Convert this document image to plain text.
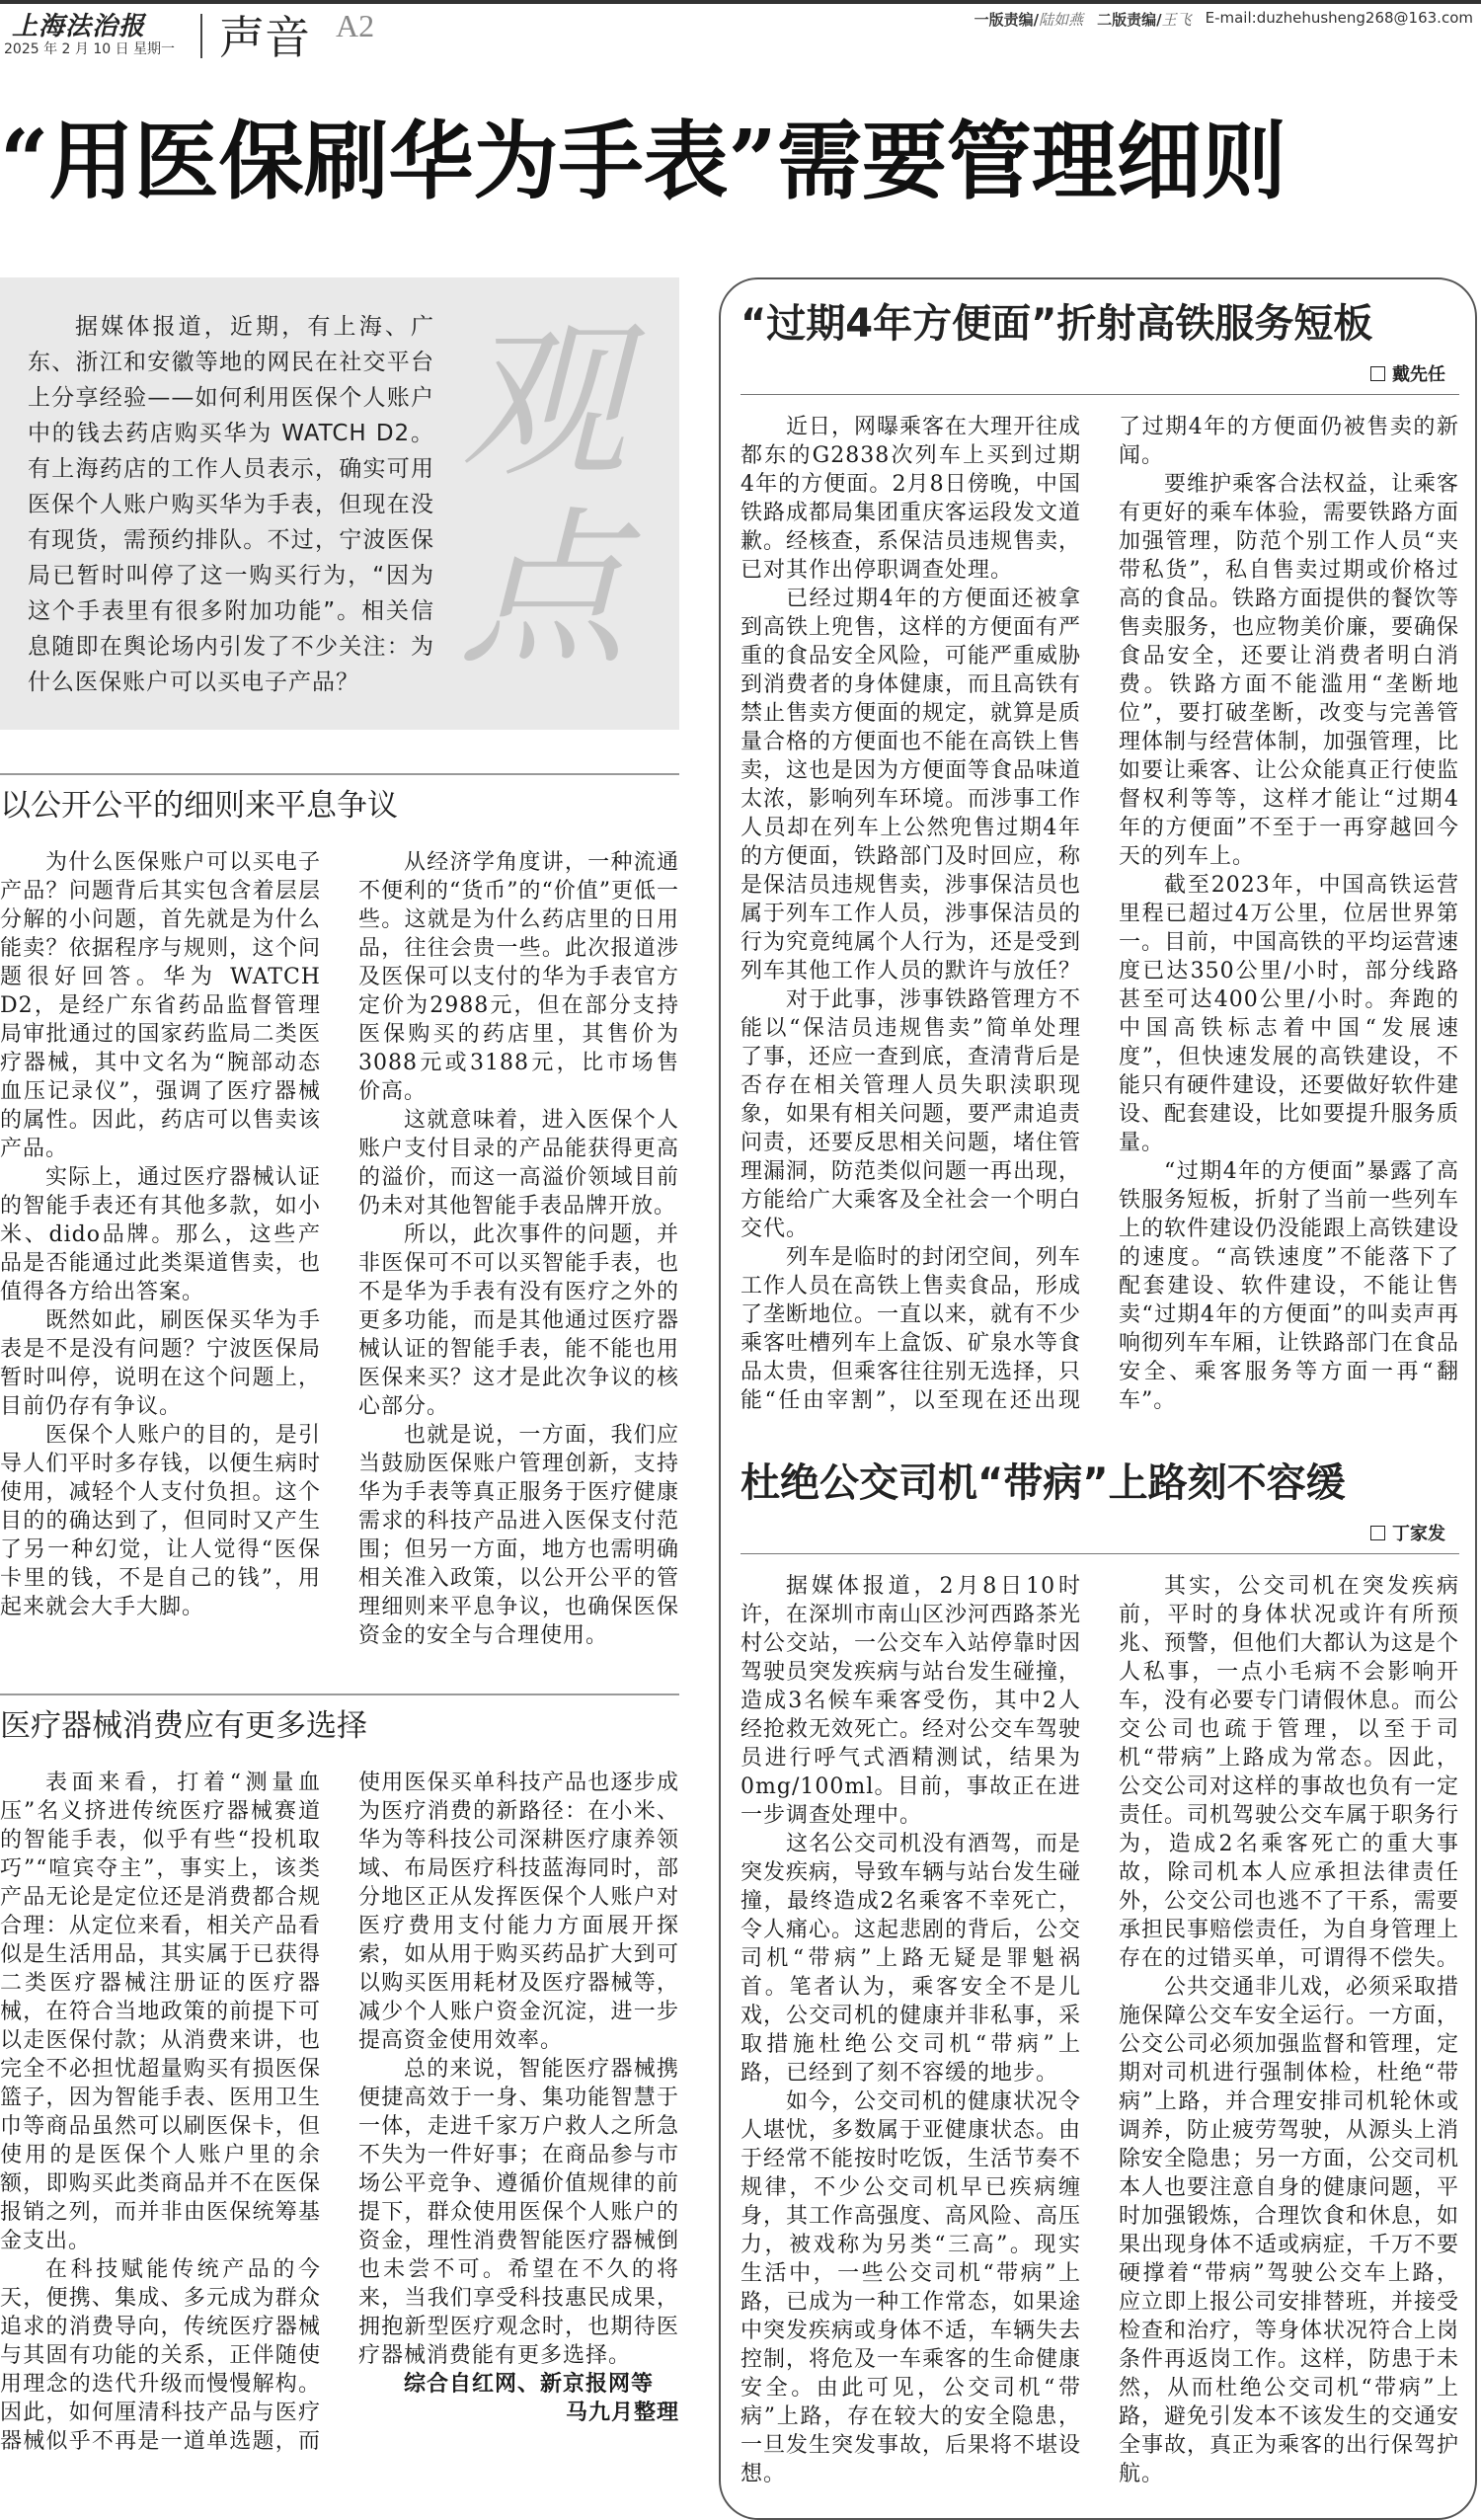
上海法治报
2025 年 2 月 10 日 星期一 声音 A2	一版责编/陆如燕 二版责编/王飞 E-mail:duzhehusheng268@163.com
“用医保刷华为手表”需要管理细则
据媒体报道，近期，有上海、广东、浙江和安徽等地的网民在社交平台上分享经验——如何利用医保个人账户中的钱去药店购买华为 WATCH D2。有上海药店的工作人员表示，确实可用医保个人账户购买华为手表，但现在没有现货，需预约排队。不过，宁波医保局已暂时叫停了这一购买行为，“因为这个手表里有很多附加功能”。相关信息随即在舆论场内引发了不少关注：为什么医保账户可以买电子产品？
观点
以公开公平的细则来平息争议

为什么医保账户可以买电子产品？问题背后其实包含着层层分解的小问题，首先就是为什么能卖？依据程序与规则，这个问题很好回答。华为 WATCH D2，是经广东省药品监督管理局审批通过的国家药监局二类医疗器械，其中文名为“腕部动态血压记录仪”，强调了医疗器械的属性。因此，药店可以售卖该产品。

实际上，通过医疗器械认证的智能手表还有其他多款，如小米、dido品牌。那么，这些产品是否能通过此类渠道售卖，也值得各方给出答案。

既然如此，刷医保买华为手表是不是没有问题？宁波医保局暂时叫停，说明在这个问题上，目前仍存有争议。

医保个人账户的目的，是引导人们平时多存钱，以便生病时使用，减轻个人支付负担。这个目的的确达到了，但同时又产生了另一种幻觉，让人觉得“医保卡里的钱，不是自己的钱”，用起来就会大手大脚。

从经济学角度讲，一种流通不便利的“货币”的“价值”更低一些。这就是为什么药店里的日用品，往往会贵一些。此次报道涉及医保可以支付的华为手表官方定价为2988元，但在部分支持医保购买的药店里，其售价为3088元或3188元，比市场售价高。

这就意味着，进入医保个人账户支付目录的产品能获得更高的溢价，而这一高溢价领域目前仍未对其他智能手表品牌开放。

所以，此次事件的问题，并非医保可不可以买智能手表，也不是华为手表有没有医疗之外的更多功能，而是其他通过医疗器械认证的智能手表，能不能也用医保来买？这才是此次争议的核心部分。

也就是说，一方面，我们应当鼓励医保账户管理创新，支持华为手表等真正服务于医疗健康需求的科技产品进入医保支付范围；但另一方面，地方也需明确相关准入政策，以公开公平的管理细则来平息争议，也确保医保资金的安全与合理使用。

医疗器械消费应有更多选择

表面来看，打着“测量血压”名义挤进传统医疗器械赛道的智能手表，似乎有些“投机取巧”“喧宾夺主”，事实上，该类产品无论是定位还是消费都合规合理：从定位来看，相关产品看似是生活用品，其实属于已获得二类医疗器械注册证的医疗器械，在符合当地政策的前提下可以走医保付款；从消费来讲，也完全不必担忧超量购买有损医保篮子，因为智能手表、医用卫生巾等商品虽然可以刷医保卡，但使用的是医保个人账户里的余额，即购买此类商品并不在医保报销之列，而并非由医保统筹基金支出。

在科技赋能传统产品的今天，便携、集成、多元成为群众追求的消费导向，传统医疗器械与其固有功能的关系，正伴随使用理念的迭代升级而慢慢解构。因此，如何厘清科技产品与医疗器械似乎不再是一道单选题，而使用医保买单科技产品也逐步成为医疗消费的新路径：在小米、华为等科技公司深耕医疗康养领域、布局医疗科技蓝海同时，部分地区正从发挥医保个人账户对医疗费用支付能力方面展开探索，如从用于购买药品扩大到可以购买医用耗材及医疗器械等，减少个人账户资金沉淀，进一步提高资金使用效率。

总的来说，智能医疗器械携便捷高效于一身、集功能智慧于一体，走进千家万户救人之所急不失为一件好事；在商品参与市场公平竞争、遵循价值规律的前提下，群众使用医保个人账户的资金，理性消费智能医疗器械倒也未尝不可。希望在不久的将来，当我们享受科技惠民成果，拥抱新型医疗观念时，也期待医疗器械消费能有更多选择。

综合自红网、新京报网等

马九月整理

“过期4年方便面”折射高铁服务短板
戴先任

近日，网曝乘客在大理开往成都东的G2838次列车上买到过期4年的方便面。2月8日傍晚，中国铁路成都局集团重庆客运段发文道歉。经核查，系保洁员违规售卖，已对其作出停职调查处理。

已经过期4年的方便面还被拿到高铁上兜售，这样的方便面有严重的食品安全风险，可能严重威胁到消费者的身体健康，而且高铁有禁止售卖方便面的规定，就算是质量合格的方便面也不能在高铁上售卖，这也是因为方便面等食品味道太浓，影响列车环境。而涉事工作人员却在列车上公然兜售过期4年的方便面，铁路部门及时回应，称是保洁员违规售卖，涉事保洁员也属于列车工作人员，涉事保洁员的行为究竟纯属个人行为，还是受到列车其他工作人员的默许与放任？

对于此事，涉事铁路管理方不能以“保洁员违规售卖”简单处理了事，还应一查到底，查清背后是否存在相关管理人员失职渎职现象，如果有相关问题，要严肃追责问责，还要反思相关问题，堵住管理漏洞，防范类似问题一再出现，方能给广大乘客及全社会一个明白交代。

列车是临时的封闭空间，列车工作人员在高铁上售卖食品，形成了垄断地位。一直以来，就有不少乘客吐槽列车上盒饭、矿泉水等食品太贵，但乘客往往别无选择，只能“任由宰割”，以至现在还出现了过期4年的方便面仍被售卖的新闻。

要维护乘客合法权益，让乘客有更好的乘车体验，需要铁路方面加强管理，防范个别工作人员“夹带私货”，私自售卖过期或价格过高的食品。铁路方面提供的餐饮等售卖服务，也应物美价廉，要确保食品安全，还要让消费者明白消费。铁路方面不能滥用“垄断地位”，要打破垄断，改变与完善管理体制与经营体制，加强管理，比如要让乘客、让公众能真正行使监督权利等等，这样才能让“过期4年的方便面”不至于一再穿越回今天的列车上。

截至2023年，中国高铁运营里程已超过4万公里，位居世界第一。目前，中国高铁的平均运营速度已达350公里/小时，部分线路甚至可达400公里/小时。奔跑的中国高铁标志着中国“发展速度”，但快速发展的高铁建设，不能只有硬件建设，还要做好软件建设、配套建设，比如要提升服务质量。

“过期4年的方便面”暴露了高铁服务短板，折射了当前一些列车上的软件建设仍没能跟上高铁建设的速度。“高铁速度”不能落下了配套建设、软件建设，不能让售卖“过期4年的方便面”的叫卖声再响彻列车车厢，让铁路部门在食品安全、乘客服务等方面一再“翻车”。

杜绝公交司机“带病”上路刻不容缓
丁家发

据媒体报道，2月8日10时许，在深圳市南山区沙河西路茶光村公交站，一公交车入站停靠时因驾驶员突发疾病与站台发生碰撞，造成3名候车乘客受伤，其中2人经抢救无效死亡。经对公交车驾驶员进行呼气式酒精测试，结果为0mg/100ml。目前，事故正在进一步调查处理中。

这名公交司机没有酒驾，而是突发疾病，导致车辆与站台发生碰撞，最终造成2名乘客不幸死亡，令人痛心。这起悲剧的背后，公交司机“带病”上路无疑是罪魁祸首。笔者认为，乘客安全不是儿戏，公交司机的健康并非私事，采取措施杜绝公交司机“带病”上路，已经到了刻不容缓的地步。

如今，公交司机的健康状况令人堪忧，多数属于亚健康状态。由于经常不能按时吃饭，生活节奏不规律，不少公交司机早已疾病缠身，其工作高强度、高风险、高压力，被戏称为另类“三高”。现实生活中，一些公交司机“带病”上路，已成为一种工作常态，如果途中突发疾病或身体不适，车辆失去控制，将危及一车乘客的生命健康安全。由此可见，公交司机“带病”上路，存在较大的安全隐患，一旦发生突发事故，后果将不堪设想。

其实，公交司机在突发疾病前，平时的身体状况或许有所预兆、预警，但他们大都认为这是个人私事，一点小毛病不会影响开车，没有必要专门请假休息。而公交公司也疏于管理，以至于司机“带病”上路成为常态。因此，公交公司对这样的事故也负有一定责任。司机驾驶公交车属于职务行为，造成2名乘客死亡的重大事故，除司机本人应承担法律责任外，公交公司也逃不了干系，需要承担民事赔偿责任，为自身管理上存在的过错买单，可谓得不偿失。

公共交通非儿戏，必须采取措施保障公交车安全运行。一方面，公交公司必须加强监督和管理，定期对司机进行强制体检，杜绝“带病”上路，并合理安排司机轮休或调养，防止疲劳驾驶，从源头上消除安全隐患；另一方面，公交司机本人也要注意自身的健康问题，平时加强锻炼，合理饮食和休息，如果出现身体不适或病症，千万不要硬撑着“带病”驾驶公交车上路，应立即上报公司安排替班，并接受检查和治疗，等身体状况符合上岗条件再返岗工作。这样，防患于未然，从而杜绝公交司机“带病”上路，避免引发本不该发生的交通安全事故，真正为乘客的出行保驾护航。
